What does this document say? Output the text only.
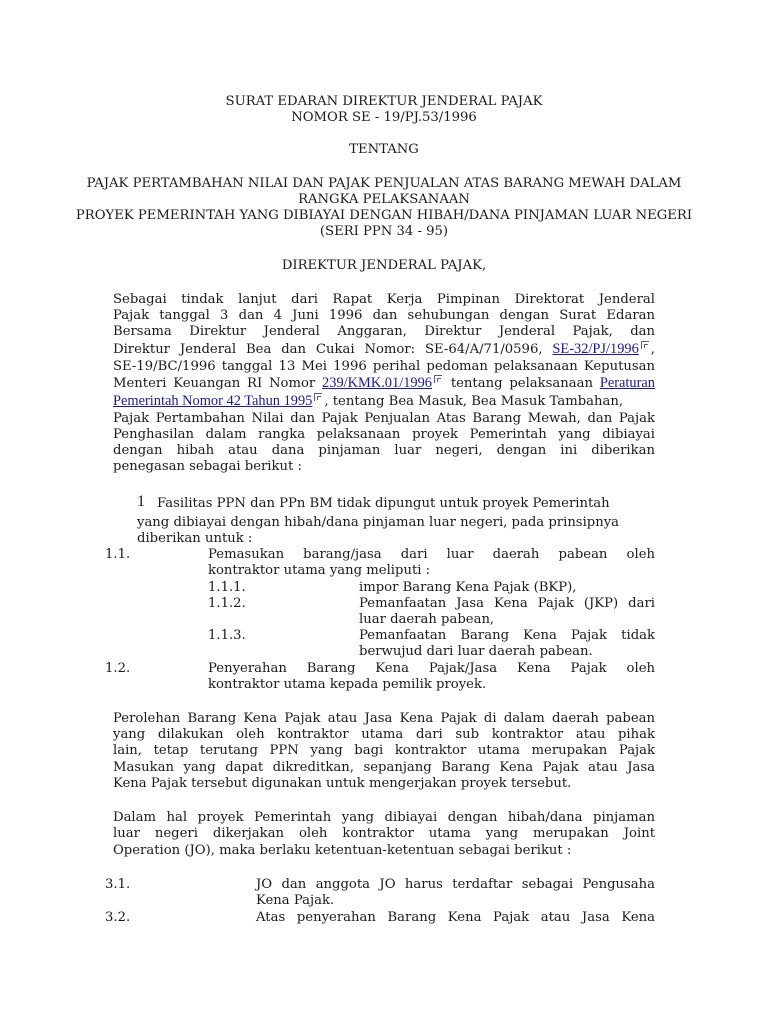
SURAT EDARAN DIREKTUR JENDERAL PAJAK
NOMOR SE - 19/PJ.53/1996
TENTANG
PAJAK PERTAMBAHAN NILAI DAN PAJAK PENJUALAN ATAS BARANG MEWAH DALAM
RANGKA PELAKSANAAN
PROYEK PEMERINTAH YANG DIBIAYAI DENGAN HIBAH/DANA PINJAMAN LUAR NEGERI
(SERI PPN 34 - 95)
DIREKTUR JENDERAL PAJAK,
Sebagai tindak lanjut dari Rapat Kerja Pimpinan Direktorat Jenderal
Pajak tanggal 3 dan 4 Juni 1996 dan sehubungan dengan Surat Edaran
Bersama Direktur Jenderal Anggaran, Direktur Jenderal Pajak, dan
Direktur Jenderal Bea dan Cukai Nomor: SE-64/A/71/0596, SE-32/PJ/1996 ,
SE-19/BC/1996 tanggal 13 Mei 1996 perihal pedoman pelaksanaan Keputusan
Menteri Keuangan RI Nomor 239/KMK.01/1996 tentang pelaksanaan Peraturan
Pemerintah Nomor 42 Tahun 1995 , tentang Bea Masuk, Bea Masuk Tambahan,
Pajak Pertambahan Nilai dan Pajak Penjualan Atas Barang Mewah, dan Pajak
Penghasilan dalam rangka pelaksanaan proyek Pemerintah yang dibiayai
dengan hibah atau dana pinjaman luar negeri, dengan ini diberikan
penegasan sebagai berikut :
1 Fasilitas PPN dan PPn BM tidak dipungut untuk proyek Pemerintah
yang dibiayai dengan hibah/dana pinjaman luar negeri, pada prinsipnya
diberikan untuk :
1.1.	Pemasukan barang/jasa dari luar daerah pabean oleh
kontraktor utama yang meliputi :
1.1.1.	impor Barang Kena Pajak (BKP),
1.1.2.	Pemanfaatan Jasa Kena Pajak (JKP) dari
luar daerah pabean,
1.1.3.	Pemanfaatan Barang Kena Pajak tidak
berwujud dari luar daerah pabean.
1.2.	Penyerahan Barang Kena Pajak/Jasa Kena Pajak oleh
kontraktor utama kepada pemilik proyek.
Perolehan Barang Kena Pajak atau Jasa Kena Pajak di dalam daerah pabean
yang dilakukan oleh kontraktor utama dari sub kontraktor atau pihak
lain, tetap terutang PPN yang bagi kontraktor utama merupakan Pajak
Masukan yang dapat dikreditkan, sepanjang Barang Kena Pajak atau Jasa
Kena Pajak tersebut digunakan untuk mengerjakan proyek tersebut.
Dalam hal proyek Pemerintah yang dibiayai dengan hibah/dana pinjaman
luar negeri dikerjakan oleh kontraktor utama yang merupakan Joint
Operation (JO), maka berlaku ketentuan-ketentuan sebagai berikut :
3.1.	JO dan anggota JO harus terdaftar sebagai Pengusaha
Kena Pajak.
3.2.	Atas penyerahan Barang Kena Pajak atau Jasa Kena
